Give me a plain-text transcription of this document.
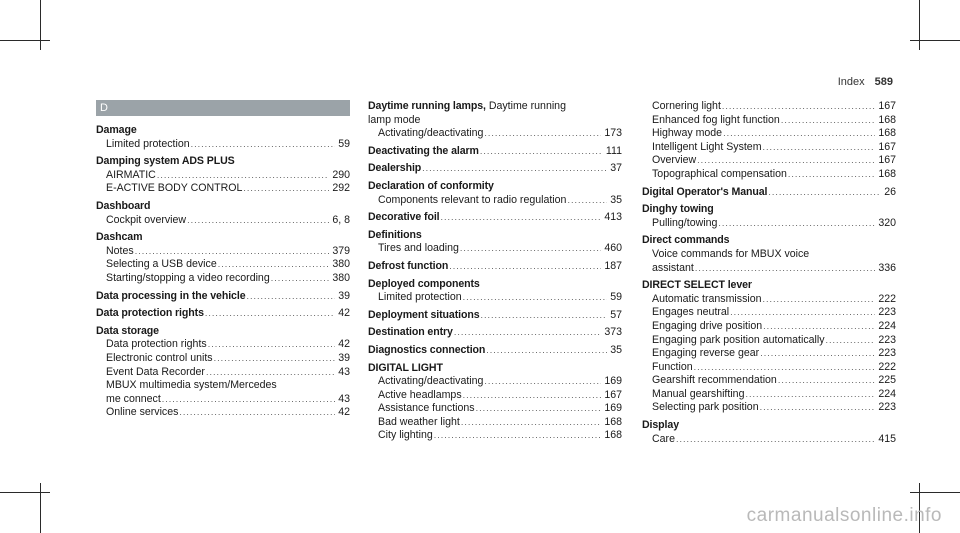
Index 589
D
Damage
Limited protection .....	59
Damping system ADS PLUS
AIRMATIC .....	290
E-ACTIVE BODY CONTROL .....	292
Dashboard
Cockpit overview .....	6, 8
Dashcam
Notes .....	379
Selecting a USB device .....	380
Starting/stopping a video recording .....	380
Data processing in the vehicle .....	39
Data protection rights .....	42
Data storage
Data protection rights .....	42
Electronic control units .....	39
Event Data Recorder .....	43
MBUX multimedia system/Mercedes
me connect .....	43
Online services .....	42
Daytime running lamps, Daytime running
lamp mode
Activating/deactivating .....	173
Deactivating the alarm .....	111
Dealership .....	37
Declaration of conformity
Components relevant to radio regulation .....	35
Decorative foil .....	413
Definitions
Tires and loading .....	460
Defrost function .....	187
Deployed components
Limited protection .....	59
Deployment situations .....	57
Destination entry .....	373
Diagnostics connection .....	35
DIGITAL LIGHT
Activating/deactivating .....	169
Active headlamps .....	167
Assistance functions .....	169
Bad weather light .....	168
City lighting .....	168
Cornering light .....	167
Enhanced fog light function .....	168
Highway mode .....	168
Intelligent Light System .....	167
Overview .....	167
Topographical compensation .....	168
Digital Operator's Manual .....	26
Dinghy towing
Pulling/towing .....	320
Direct commands
Voice commands for MBUX voice
assistant .....	336
DIRECT SELECT lever
Automatic transmission .....	222
Engages neutral .....	223
Engaging drive position .....	224
Engaging park position automatically .....	223
Engaging reverse gear .....	223
Function .....	222
Gearshift recommendation .....	225
Manual gearshifting .....	224
Selecting park position .....	223
Display
Care .....	415
carmanualsonline.info
